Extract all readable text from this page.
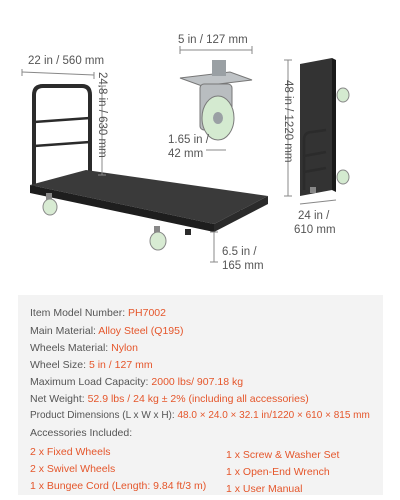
22 in / 560 mm
24.8 in / 630 mm
5 in / 127 mm
1.65 in /
42 mm	48 in / 1220 mm
24 in /
610 mm
6.5 in /
165 mm
Item Model Number: PH7002
Main Material: Alloy Steel (Q195)
Wheels Material: Nylon
Wheel Size: 5 in / 127 mm
Maximum Load Capacity: 2000 lbs/ 907.18 kg
Net Weight: 52.9 lbs / 24 kg ± 2% (including all accessories)
Product Dimensions (L x W x H): 48.0 × 24.0 × 32.1 in/1220 × 610 × 815 mm
Accessories Included:
2 x Fixed Wheels
2 x Swivel Wheels
1 x Bungee Cord (Length: 9.84 ft/3 m)
1 x Screw & Washer Set
1 x Open-End Wrench
1 x User Manual
